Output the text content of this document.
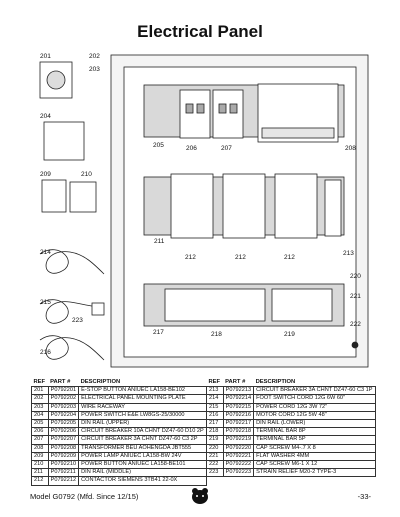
Electrical Panel
201	202
203
204
205	206	207	208
209	210
211
212	212	212
213
214
215
216
217	218	219
220
221
222
223
REF	PART #	DESCRIPTION
201	P0792201	E-STOP BUTTON ANIUEC LA158-BE102
202	P0792202	ELECTRICAL PANEL MOUNTING PLATE
203	P0792203	WIRE RACEWAY
204	P0792204	POWER SWITCH E&E LW8GS-25/30000
205	P0792205	DIN RAIL (UPPER)
206	P0792206	CIRCUIT BREAKER 10A CHNT DZ47-60 D10 2P
207	P0792207	CIRCUIT BREAKER 3A CHNT DZ47-60 C3 2P
208	P0792208	TRANSFORMER BEU AOHENGDA JBT555
209	P0792209	POWER LAMP ANIUEC LA158-BW 24V
210	P0792210	POWER BUTTON ANIUEC LA158-BE101
211	P0792211	DIN RAIL (MIDDLE)
212	P0792212	CONTACTOR SIEMENS 3TB41 22-0X
REF	PART #	DESCRIPTION
213	P0792213	CIRCUIT BREAKER 3A CHNT DZ47-60 C3 1P
214	P0792214	FOOT SWITCH CORD 12G 6W 60"
215	P0792215	POWER CORD 12G 3W 72"
216	P0792216	MOTOR CORD 12G 5W 48"
217	P0792217	DIN RAIL (LOWER)
218	P0792218	TERMINAL BAR 8P
219	P0792219	TERMINAL BAR 5P
220	P0792220	CAP SCREW M4-.7 X 8
221	P0792221	FLAT WASHER 4MM
222	P0792222	CAP SCREW M6-1 X 12
223	P0792223	STRAIN RELIEF M20-2 TYPE-3
Model G0792 (Mfd. Since 12/15)	-33-
